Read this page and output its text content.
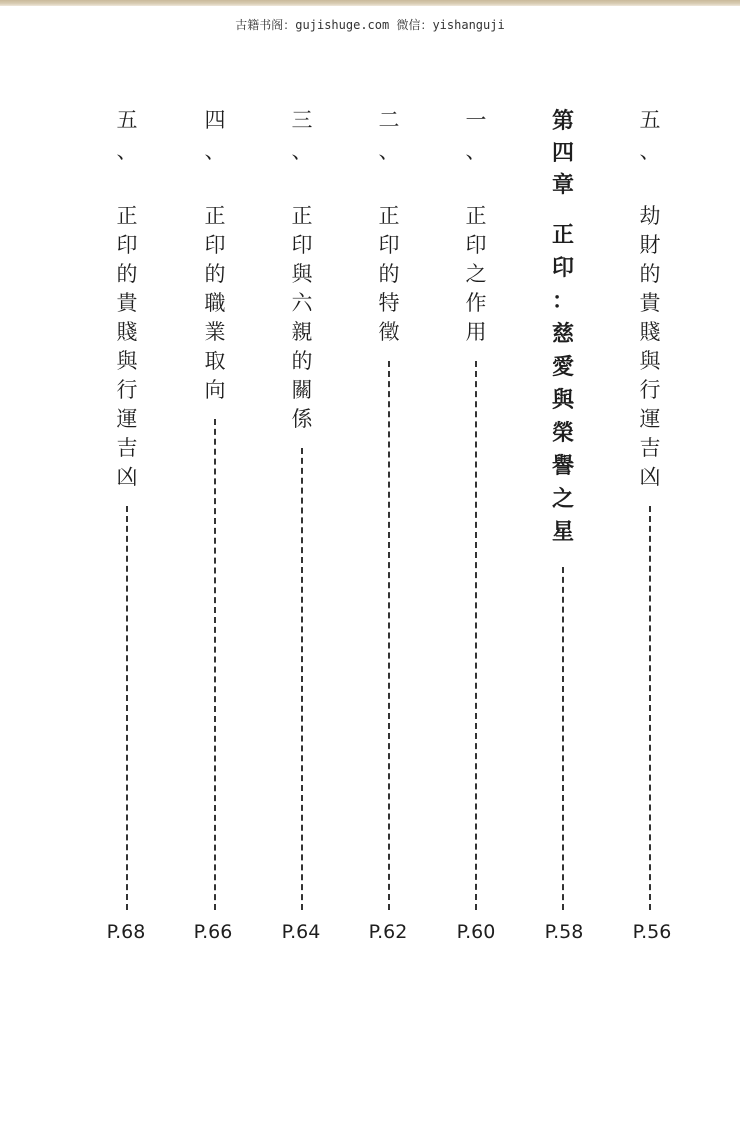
古籍书阁：gujishuge.com 微信：yishanguji
五
、
劫
財
的
貴
賤
與
行
運
吉
凶
P.56
第
四
章
正
印
：
慈
愛
與
榮
譽
之
星
P.58
一
、
正
印
之
作
用
P.60
二
、
正
印
的
特
徵
P.62
三
、
正
印
與
六
親
的
關
係
P.64
四
、
正
印
的
職
業
取
向
P.66
五
、
正
印
的
貴
賤
與
行
運
吉
凶
P.68
